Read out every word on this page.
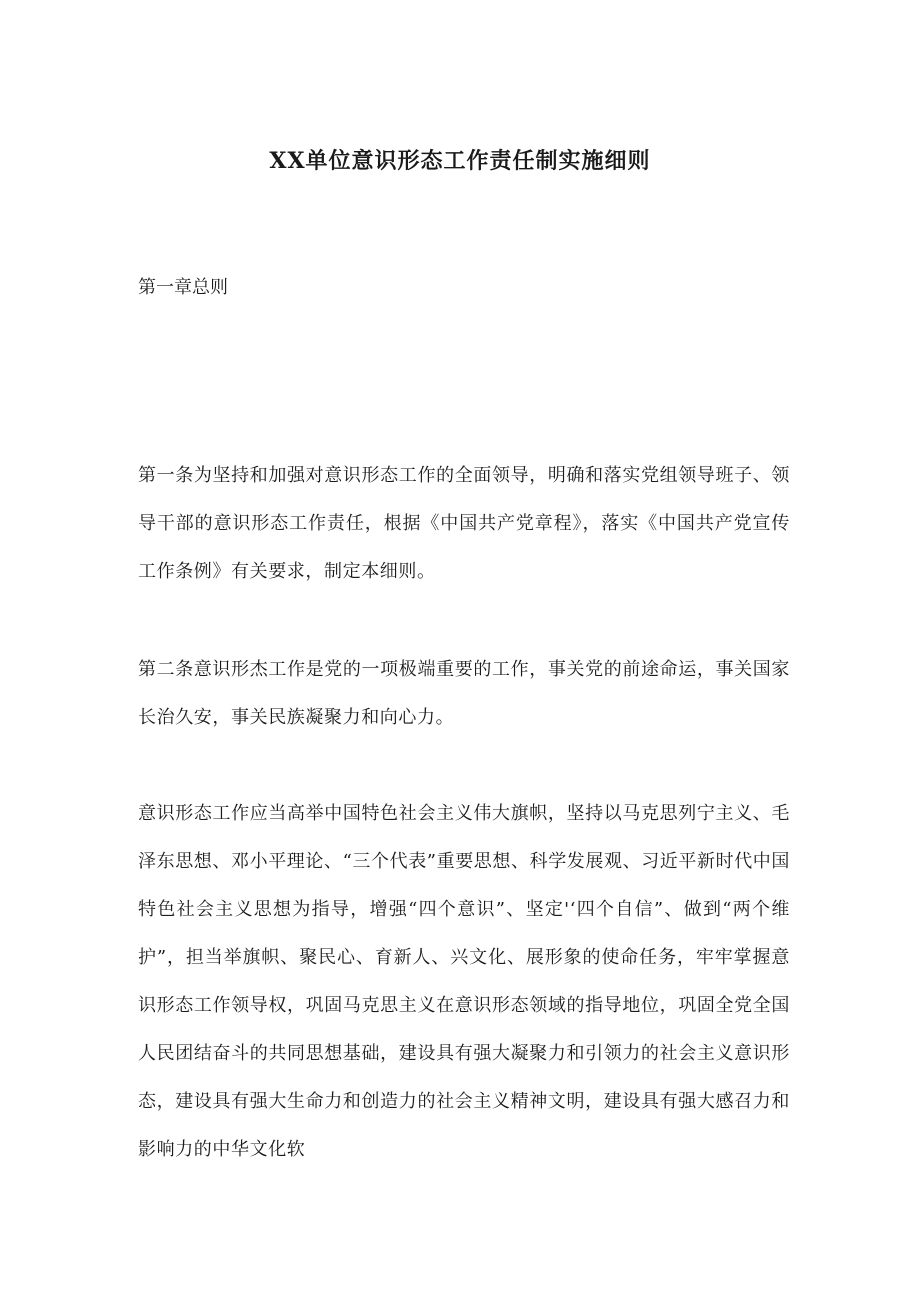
XX单位意识形态工作责任制实施细则

第一章总则

第一条为坚持和加强对意识形态工作的全面领导，明确和落实党组领导班子、领导干部的意识形态工作责任，根据《中国共产党章程》，落实《中国共产党宣传工作条例》有关要求，制定本细则。

第二条意识形杰工作是党的一项极端重要的工作，事关党的前途命运，事关国家长治久安，事关民族凝聚力和向心力。

意识形态工作应当高举中国特色社会主义伟大旗帜，坚持以马克思列宁主义、毛泽东思想、邓小平理论、“三个代表”重要思想、科学发展观、习近平新时代中国特色社会主义思想为指导，增强“四个意识”、坚定'‘四个自信”、做到“两个维护”，担当举旗帜、聚民心、育新人、兴文化、展形象的使命任务，牢牢掌握意识形态工作领导权，巩固马克思主义在意识形态领域的指导地位，巩固全党全国人民团结奋斗的共同思想基础，建设具有强大凝聚力和引领力的社会主义意识形态，建设具有强大生命力和创造力的社会主义精神文明，建设具有强大感召力和影响力的中华文化软
